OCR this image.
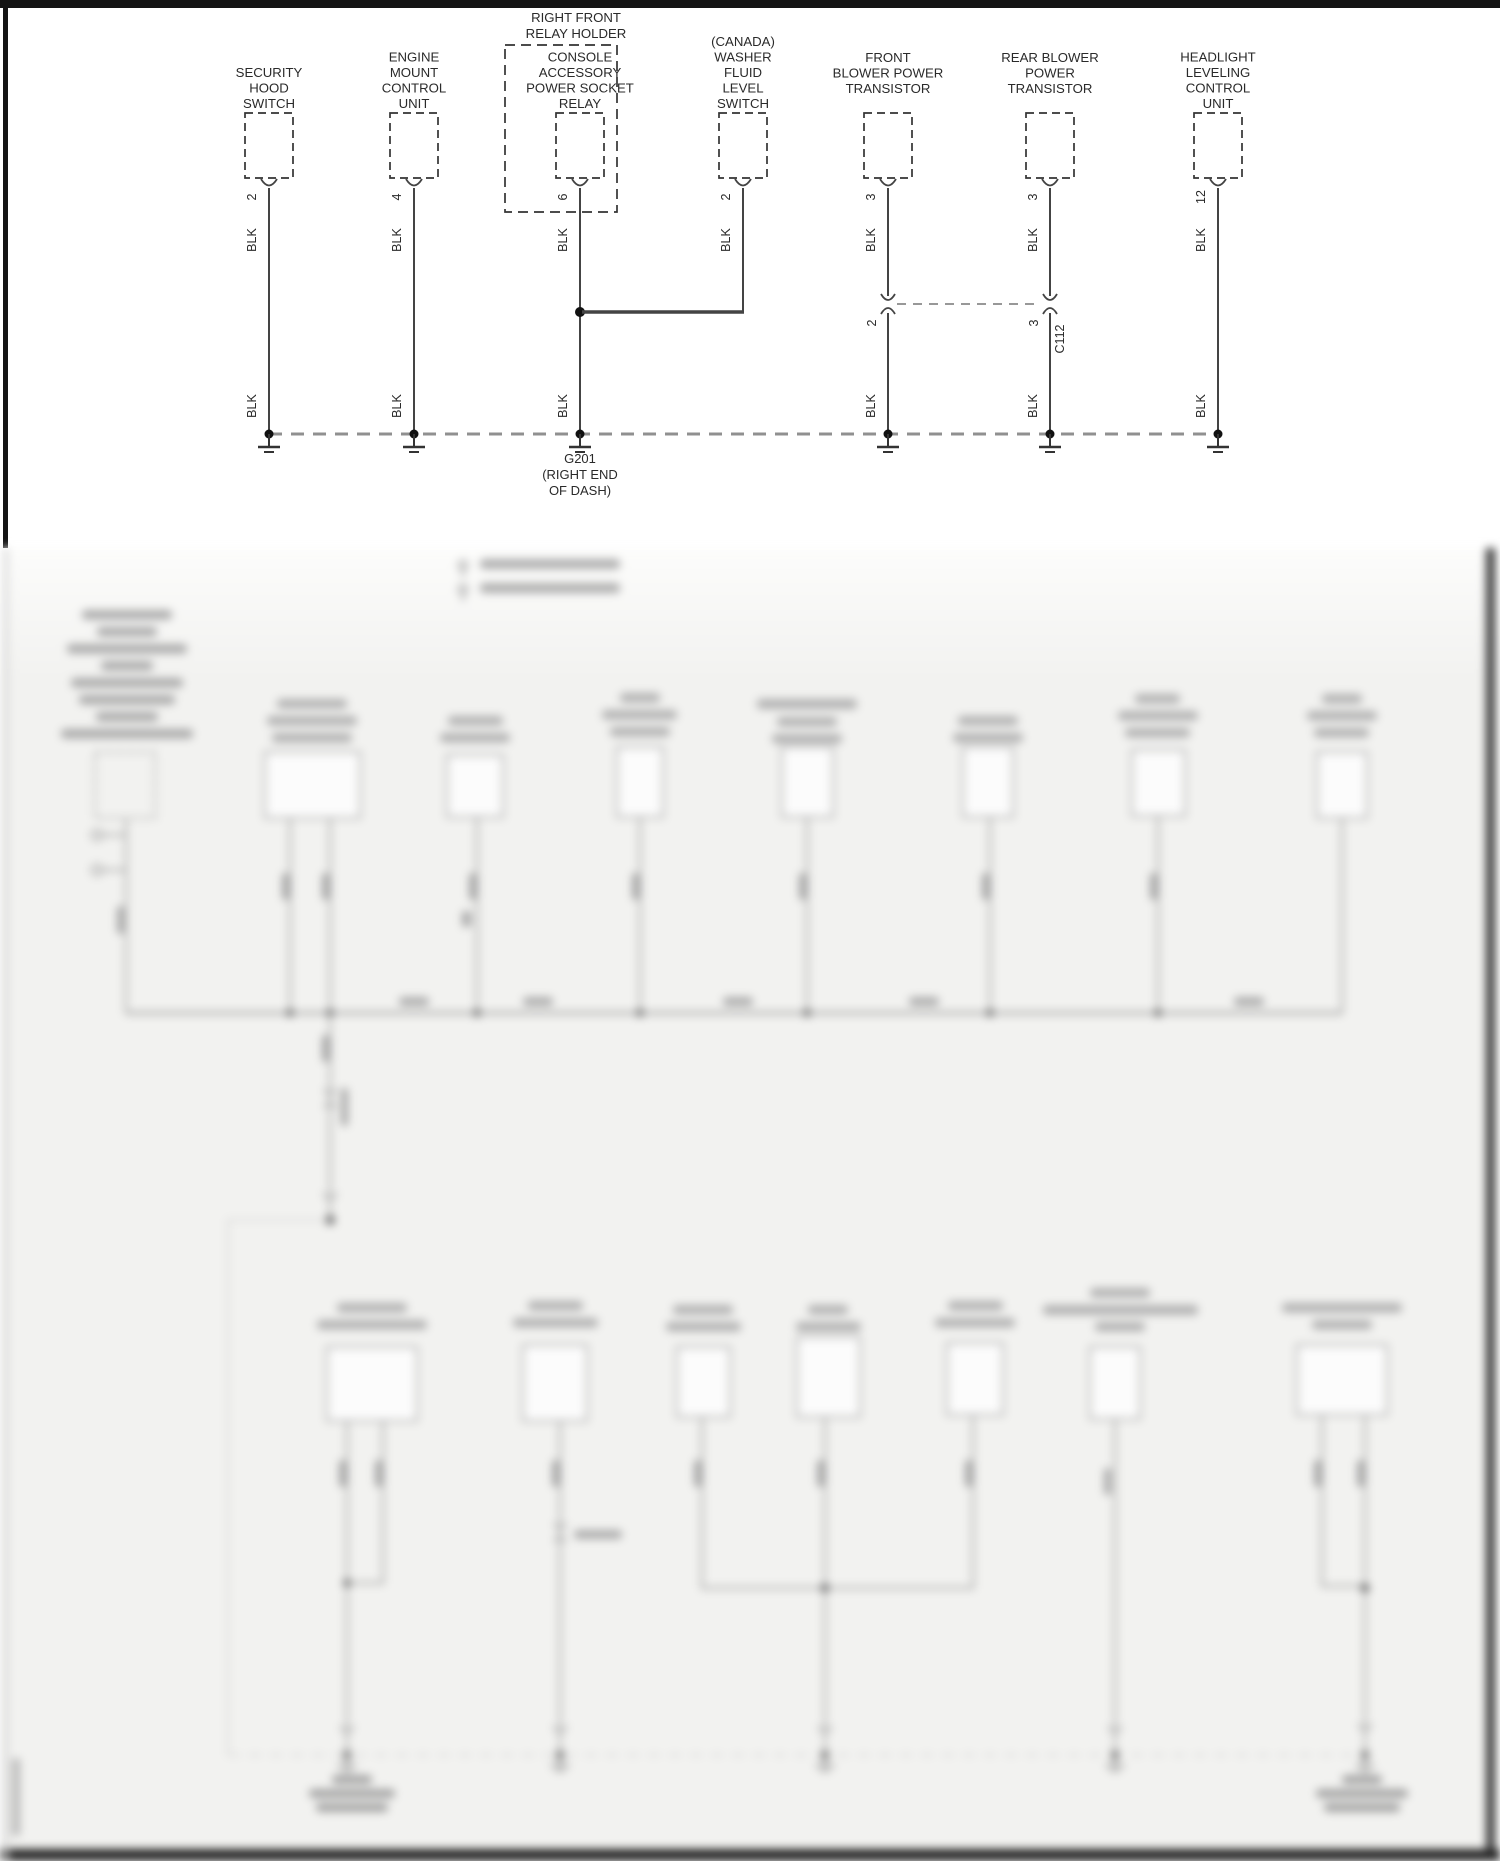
SECURITY
HOOD
SWITCH
2
BLK
BLK
ENGINE
MOUNT
CONTROL
UNIT
4
BLK
BLK
RIGHT FRONT
RELAY HOLDER
CONSOLE
ACCESSORY
POWER SOCKET
RELAY
6
BLK
BLK
(CANADA)
WASHER
FLUID
LEVEL
SWITCH
2
BLK
FRONT
BLOWER POWER
TRANSISTOR
3
2
BLK
BLK
REAR BLOWER
POWER
TRANSISTOR
3
3
C112
BLK
BLK
HEADLIGHT
LEVELING
CONTROL
UNIT
12
BLK
BLK
G201
(RIGHT END
OF DASH)
